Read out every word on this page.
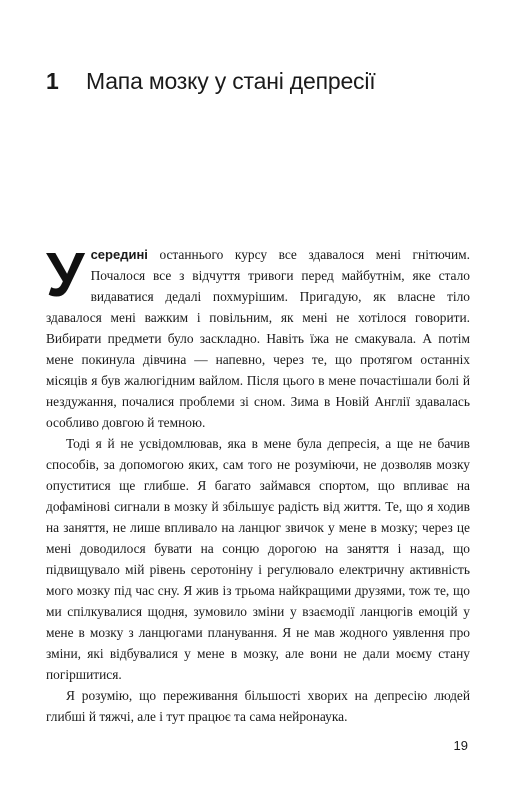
1	Мапа мозку у стані депресії

Усередині останнього курсу все здавалося мені гнітючим. Почалося все з відчуття тривоги перед майбутнім, яке стало видаватися дедалі похмурішим. Пригадую, як власне тіло здавалося мені важким і повільним, як мені не хотілося говорити. Вибирати предмети було заскладно. Навіть їжа не смакувала. А потім мене покинула дівчина — напевно, через те, що протягом останніх місяців я був жалюгідним вайлом. Після цього в мене почастішали болі й нездужання, почалися проблеми зі сном. Зима в Новій Англії здавалась особливо довгою й темною.

Тоді я й не усвідомлював, яка в мене була депресія, а ще не бачив способів, за допомогою яких, сам того не розуміючи, не дозволяв мозку опуститися ще глибше. Я багато займався спортом, що впливає на дофамінові сигнали в мозку й збільшує радість від життя. Те, що я ходив на заняття, не лише впливало на ланцюг звичок у мене в мозку; через це мені доводилося бувати на сонцю дорогою на заняття і назад, що підвищувало мій рівень серотоніну і регулювало електричну активність мого мозку під час сну. Я жив із трьома найкращими друзями, тож те, що ми спілкувалися щодня, зумовило зміни у взаємодії ланцюгів емоцій у мене в мозку з ланцюгами планування. Я не мав жодного уявлення про зміни, які відбувалися у мене в мозку, але вони не дали моєму стану погіршитися.

Я розумію, що переживання більшості хворих на депресію людей глибші й тяжчі, але і тут працює та сама нейронаука.

19
